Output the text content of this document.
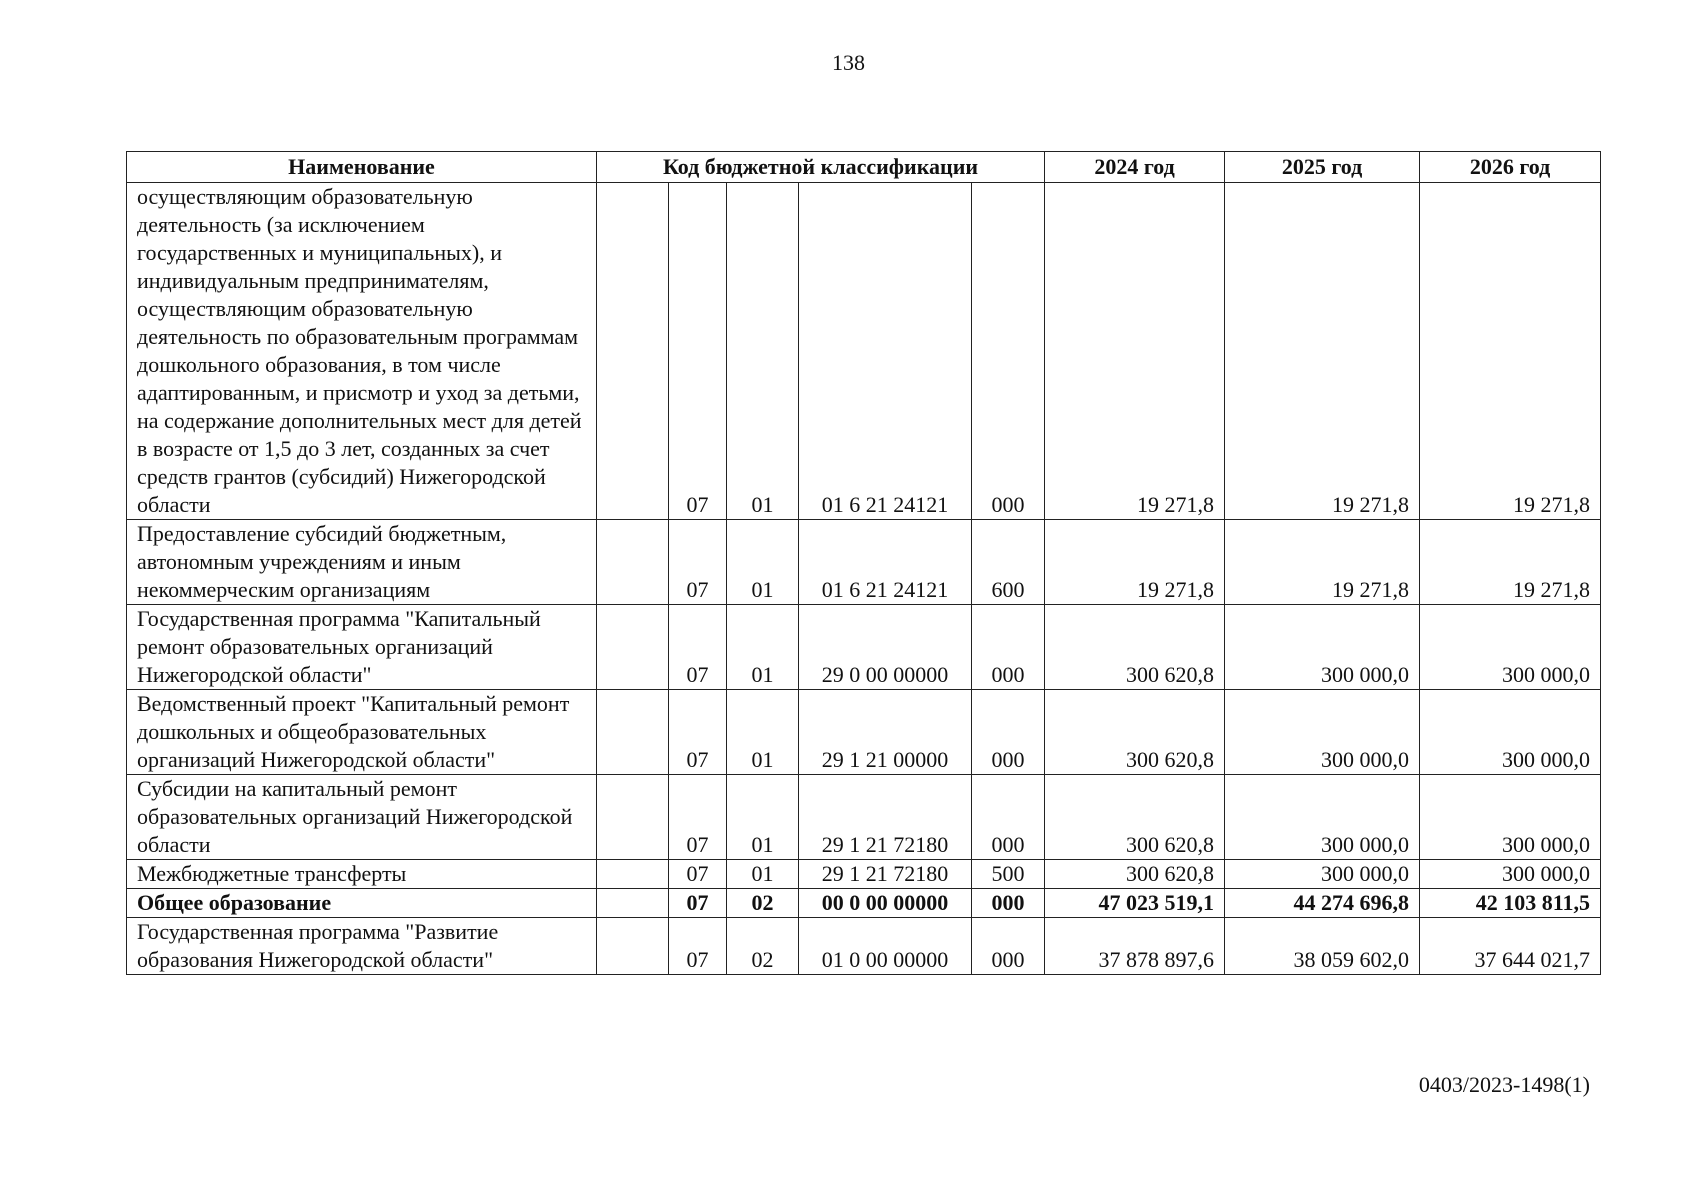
138
Наименование	Код бюджетной классификации					2024 год	2025 год	2026 год
осуществляющим образовательную деятельность (за исключением государственных и муниципальных), и индивидуальным предпринимателям, осуществляющим образовательную деятельность по образовательным программам дошкольного образования, в том числе адаптированным, и присмотр и уход за детьми, на содержание дополнительных мест для детей в возрасте от 1,5 до 3 лет, созданных за счет средств грантов (субсидий) Нижегородской области		07	01	01 6 21 24121	000	19 271,8	19 271,8	19 271,8
Предоставление субсидий бюджетным, автономным учреждениям и иным некоммерческим организациям		07	01	01 6 21 24121	600	19 271,8	19 271,8	19 271,8
Государственная программа "Капитальный ремонт образовательных организаций Нижегородской области"		07	01	29 0 00 00000	000	300 620,8	300 000,0	300 000,0
Ведомственный проект "Капитальный ремонт дошкольных и общеобразовательных организаций Нижегородской области"		07	01	29 1 21 00000	000	300 620,8	300 000,0	300 000,0
Субсидии на капитальный ремонт образовательных организаций Нижегородской области		07	01	29 1 21 72180	000	300 620,8	300 000,0	300 000,0
Межбюджетные трансферты		07	01	29 1 21 72180	500	300 620,8	300 000,0	300 000,0
Общее образование		07	02	00 0 00 00000	000	47 023 519,1	44 274 696,8	42 103 811,5
Государственная программа "Развитие образования Нижегородской области"		07	02	01 0 00 00000	000	37 878 897,6	38 059 602,0	37 644 021,7
0403/2023-1498(1)
